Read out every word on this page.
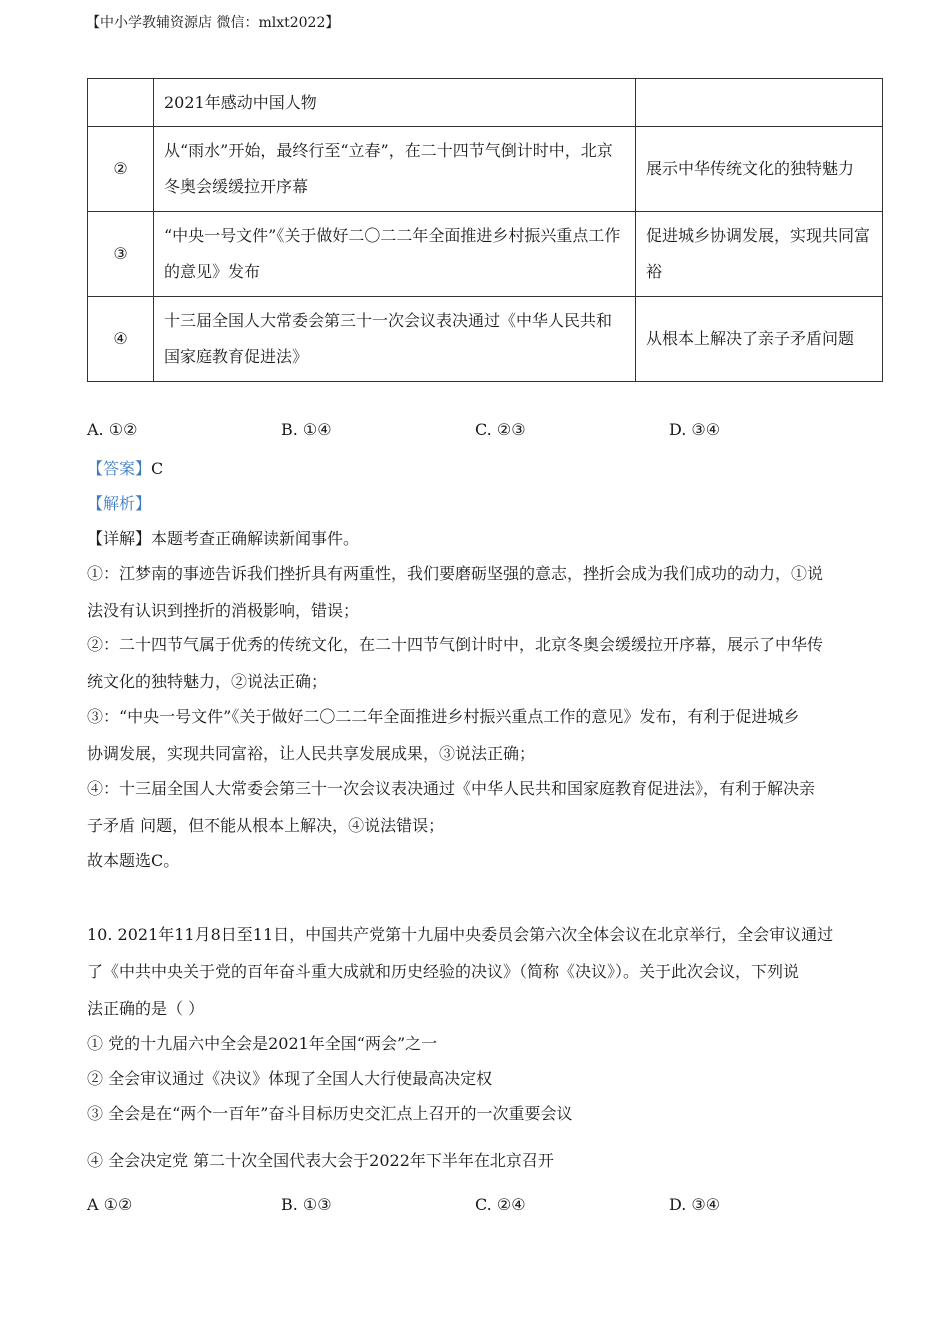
【中小学教辅资源店 微信：mlxt2022】
	2021年感动中国人物	
②	从“雨水”开始，最终行至“立春”，在二十四节气倒计时中，北京冬奥会缓缓拉开序幕	展示中华传统文化的独特魅力
③	“中央一号文件”《关于做好二〇二二年全面推进乡村振兴重点工作的意见》发布	促进城乡协调发展，实现共同富裕
④	十三届全国人大常委会第三十一次会议表决通过《中华人民共和国家庭教育促进法》	从根本上解决了亲子矛盾问题
A. ①②	B. ①④	C. ②③	D. ③④
【答案】C
【解析】
【详解】本题考查正确解读新闻事件。
①：江梦南的事迹告诉我们挫折具有两重性，我们要磨砺坚强的意志，挫折会成为我们成功的动力，①说
法没有认识到挫折的消极影响，错误；
②：二十四节气属于优秀的传统文化，在二十四节气倒计时中，北京冬奥会缓缓拉开序幕，展示了中华传
统文化的独特魅力，②说法正确；
③：“中央一号文件”《关于做好二〇二二年全面推进乡村振兴重点工作的意见》发布，有利于促进城乡
协调发展，实现共同富裕，让人民共享发展成果，③说法正确；
④：十三届全国人大常委会第三十一次会议表决通过《中华人民共和国家庭教育促进法》，有利于解决亲
子矛盾 问题，但不能从根本上解决，④说法错误；
故本题选C。
10. 2021年11月8日至11日，中国共产党第十九届中央委员会第六次全体会议在北京举行，全会审议通过
了《中共中央关于党的百年奋斗重大成就和历史经验的决议》（简称《决议》）。关于此次会议，下列说
法正确的是（ ）
① 党的十九届六中全会是2021年全国“两会”之一
② 全会审议通过《决议》体现了全国人大行使最高决定权
③ 全会是在“两个一百年”奋斗目标历史交汇点上召开的一次重要会议
④ 全会决定党 第二十次全国代表大会于2022年下半年在北京召开
A ①②	B. ①③	C. ②④	D. ③④
